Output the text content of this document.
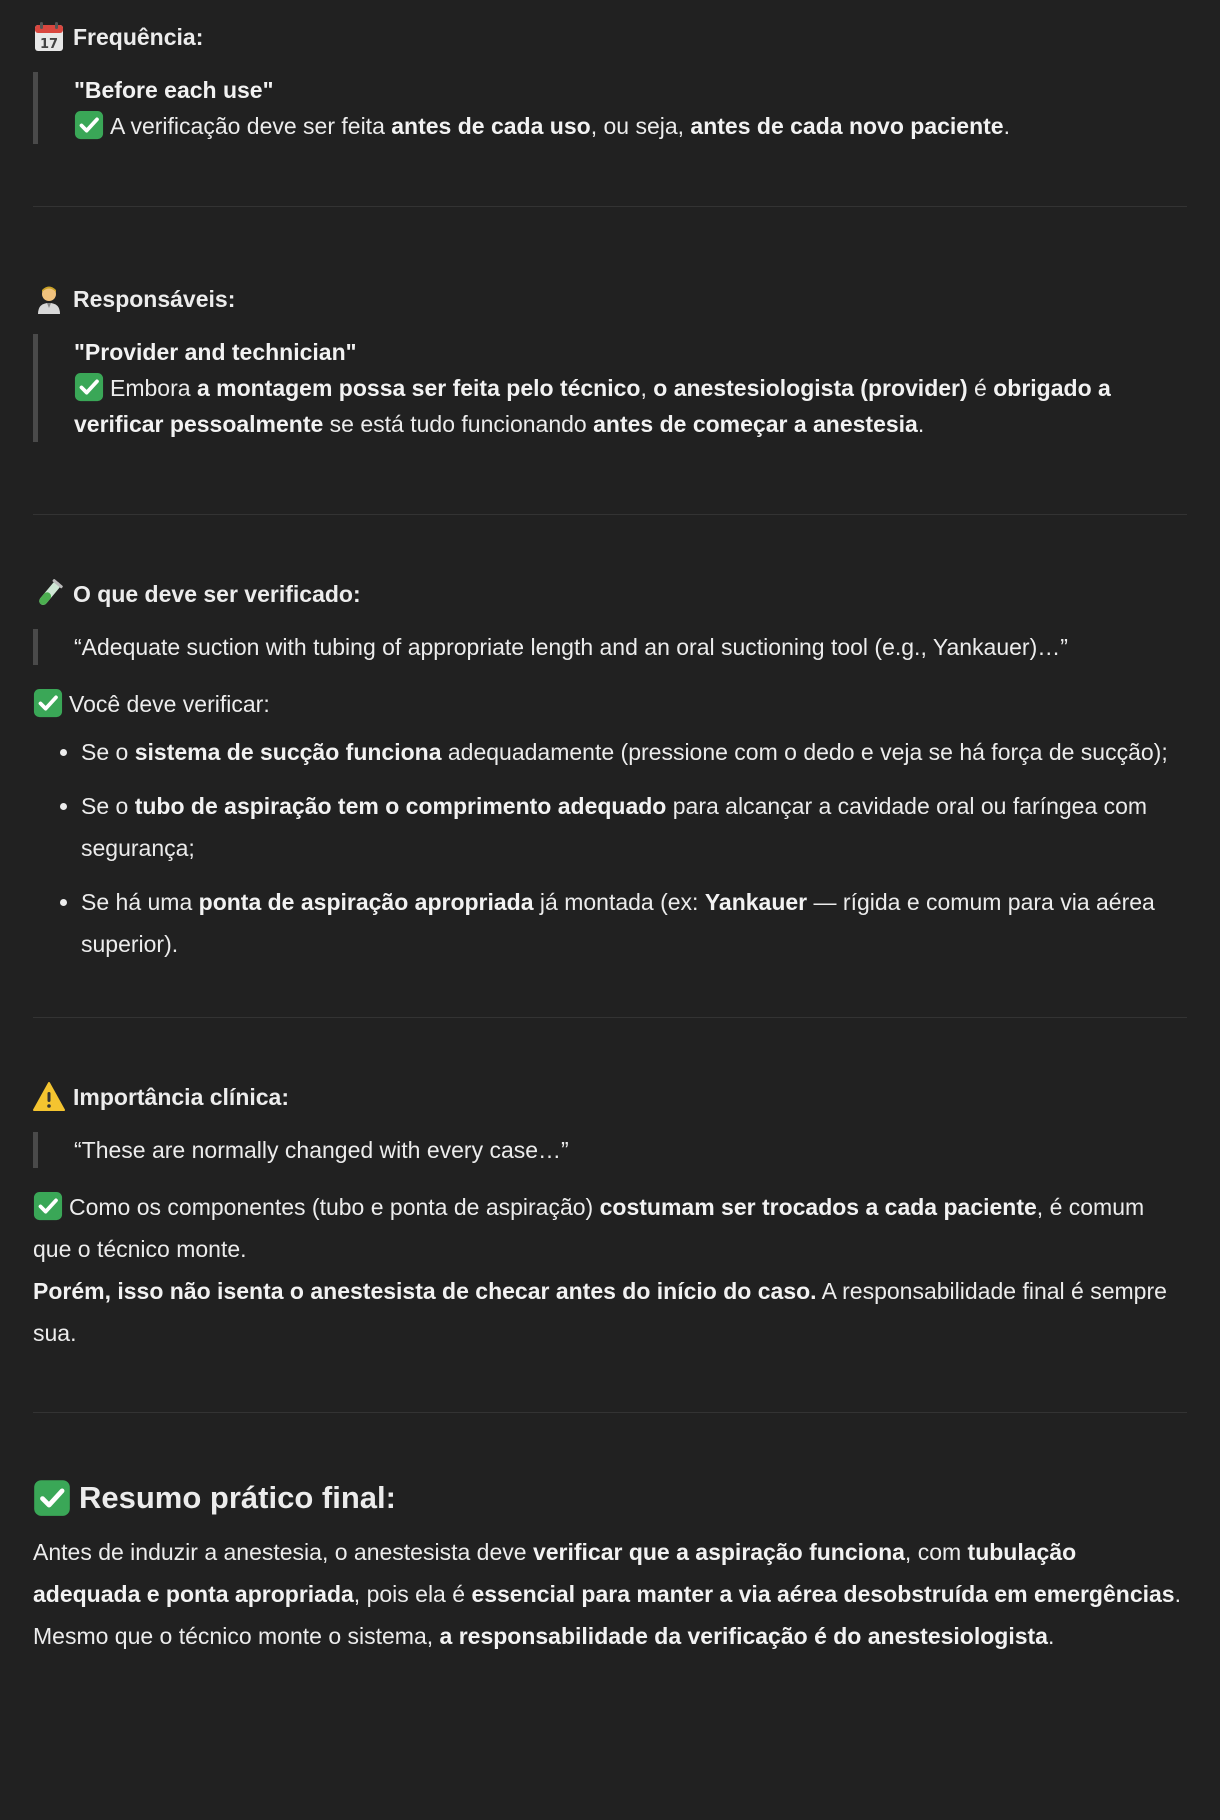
17 Frequência:

"Before each use"

A verificação deve ser feita antes de cada uso, ou seja, antes de cada novo paciente.

Responsáveis:

"Provider and technician"

Embora a montagem possa ser feita pelo técnico, o anestesiologista (provider) é obrigado a verificar pessoalmente se está tudo funcionando antes de começar a anestesia.

O que deve ser verificado:

“Adequate suction with tubing of appropriate length and an oral suctioning tool (e.g., Yankauer)…”

Você deve verificar:

• Se o sistema de sucção funciona adequadamente (pressione com o dedo e veja se há força de sucção);
• Se o tubo de aspiração tem o comprimento adequado para alcançar a cavidade oral ou faríngea com segurança;
• Se há uma ponta de aspiração apropriada já montada (ex: Yankauer — rígida e comum para via aérea superior).
Importância clínica:

“These are normally changed with every case…”

Como os componentes (tubo e ponta de aspiração) costumam ser trocados a cada paciente, é comum que o técnico monte.

Porém, isso não isenta o anestesista de checar antes do início do caso. A responsabilidade final é sempre sua.

Resumo prático final:

Antes de induzir a anestesia, o anestesista deve verificar que a aspiração funciona, com tubulação adequada e ponta apropriada, pois ela é essencial para manter a via aérea desobstruída em emergências.

Mesmo que o técnico monte o sistema, a responsabilidade da verificação é do anestesiologista.
